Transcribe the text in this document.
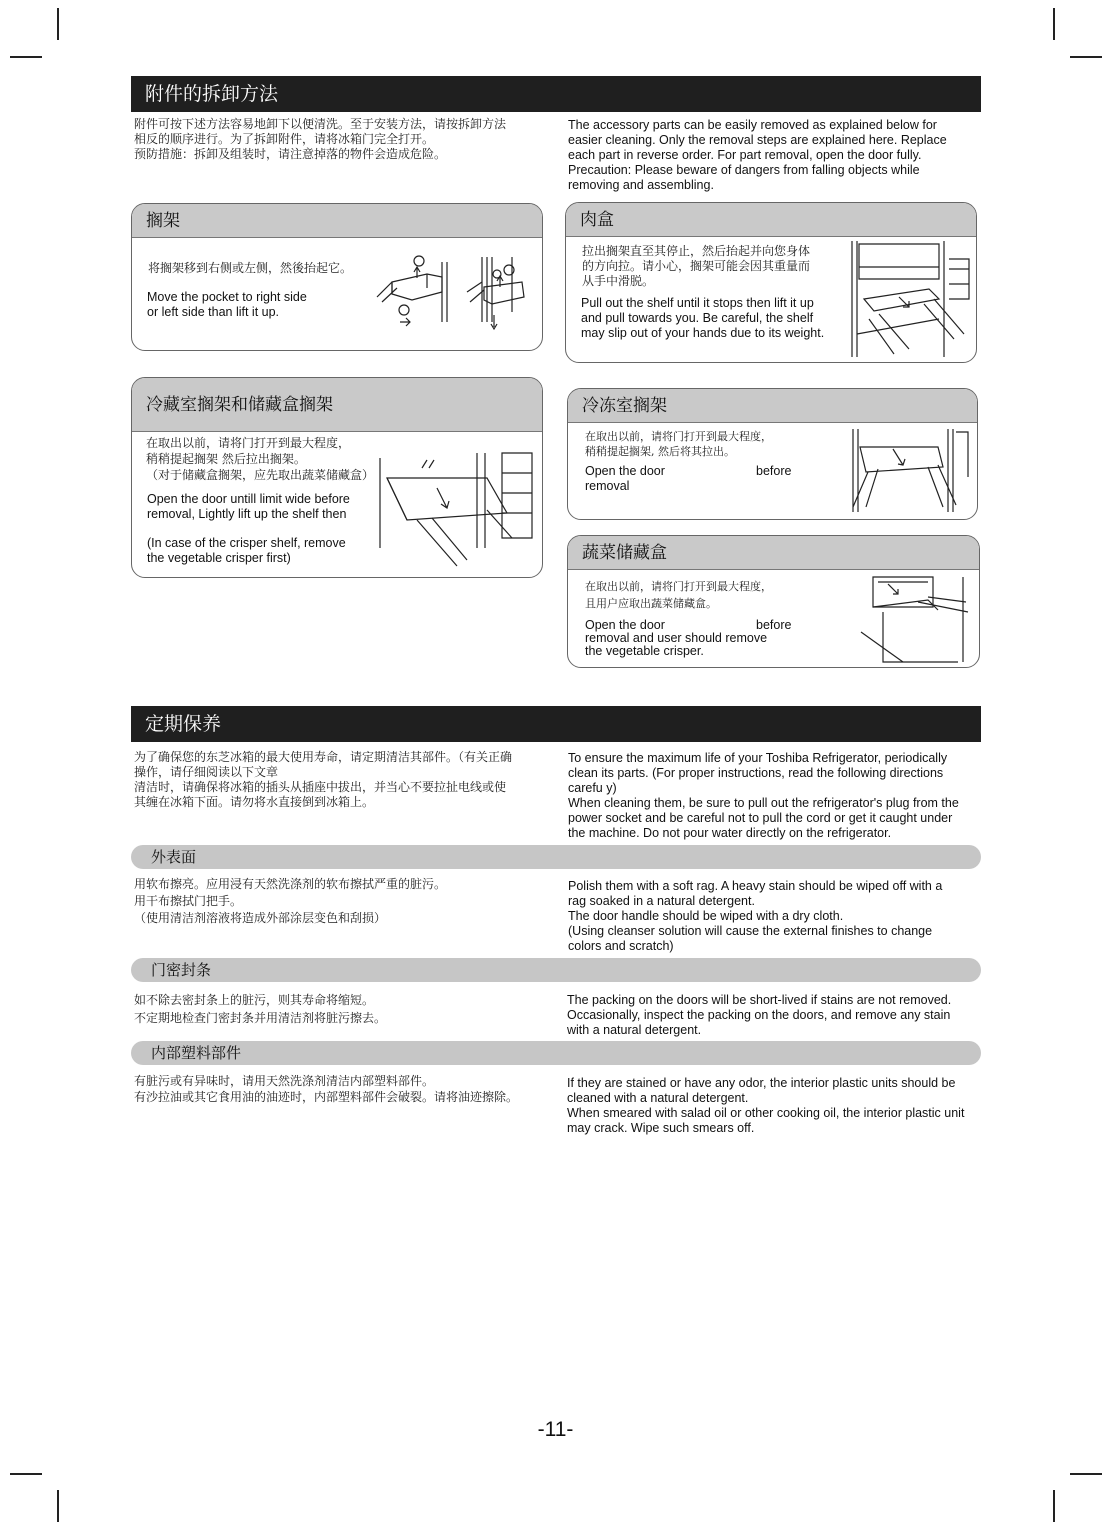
附件的拆卸方法
附件可按下述方法容易地卸下以便清洗。至于安装方法，请按拆卸方法
相反的顺序进行。为了拆卸附件，请将冰箱门完全打开。
预防措施：拆卸及组装时，请注意掉落的物件会造成危险。
The accessory parts can be easily removed as explained below for
easier cleaning. Only the removal steps are explained here. Replace
each part in reverse order. For part removal, open the door fully.
Precaution: Please beware of dangers from falling objects while
removing and assembling.
搁架
将搁架移到右侧或左侧，然後抬起它。
Move the pocket to right side
or left side than lift it up.
肉盒
拉出搁架直至其停止，然后抬起并向您身体
的方向拉。请小心，搁架可能会因其重量而
从手中滑脱。
Pull out the shelf until it stops then lift it up
and pull towards you. Be careful, the shelf
may slip out of your hands due to its weight.
冷藏室搁架和储藏盒搁架
在取出以前，请将门打开到最大程度，
稍稍提起搁架 然后拉出搁架。
（对于储藏盒搁架，应先取出蔬菜储藏盒）
Open the door untill limit wide before
removal, Lightly lift up the shelf then
(In case of the crisper shelf, remove
the vegetable crisper first)
冷冻室搁架
在取出以前，请将门打开到最大程度，
稍稍提起搁架, 然后将其拉出。
Open the door
removal
before
蔬菜储藏盒
在取出以前，请将门打开到最大程度，
且用户应取出蔬菜储藏盒。
Open the door
removal and user should remove
the vegetable crisper.
before
定期保养
为了确保您的东芝冰箱的最大使用寿命，请定期清洁其部件。（有关正确
操作，请仔细阅读以下文章
清洁时，请确保将冰箱的插头从插座中拔出，并当心不要拉扯电线或使
其缠在冰箱下面。请勿将水直接倒到冰箱上。
To ensure the maximum life of your Toshiba Refrigerator, periodically
clean its parts. (For proper instructions, read the following directions
carefu y)
When cleaning them, be sure to pull out the refrigerator's plug from the
power socket and be careful not to pull the cord or get it caught under
the machine. Do not pour water directly on the refrigerator.
外表面
用软布擦亮。应用浸有天然洗涤剂的软布擦拭严重的脏污。
用干布擦拭门把手。
（使用清洁剂溶液将造成外部涂层变色和刮损）
Polish them with a soft rag. A heavy stain should be wiped off with a
rag soaked in a natural detergent.
The door handle should be wiped with a dry cloth.
(Using cleanser solution will cause the external finishes to change
colors and scratch)
门密封条
如不除去密封条上的脏污，则其寿命将缩短。
不定期地检查门密封条并用清洁剂将脏污擦去。
The packing on the doors will be short-lived if stains are not removed.
Occasionally, inspect the packing on the doors, and remove any stain
with a natural detergent.
内部塑料部件
有脏污或有异味时，请用天然洗涤剂清洁内部塑料部件。
有沙拉油或其它食用油的油迹时，内部塑料部件会破裂。请将油迹擦除。
If they are stained or have any odor, the interior plastic units should be
cleaned with a natural detergent.
When smeared with salad oil or other cooking oil, the interior plastic unit
may crack. Wipe such smears off.
-11-
